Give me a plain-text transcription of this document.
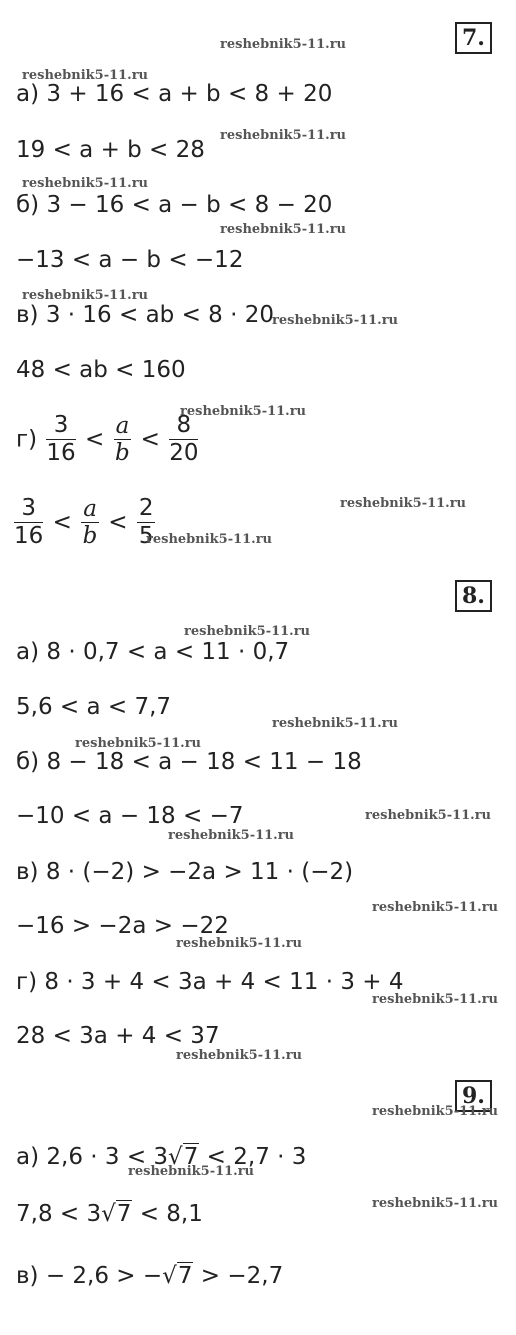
7.
8.
9.
а) 3 + 16 < a + b < 8 + 20
19 < a + b < 28
б) 3 − 16 < a − b < 8 − 20
−13 < a − b < −12
в) 3 · 16 < ab < 8 · 20
48 < ab < 160
$г) \frac{3}{16} < \frac{a}{b} < \frac{8}{20}$
$\frac{3}{16} < \frac{a}{b} < \frac{2}{5}$
а) 8 · 0,7 < a < 11 · 0,7
5,6 < a < 7,7
б) 8 − 18 < a − 18 < 11 − 18
−10 < a − 18 < −7
в) 8 · (−2) > −2a > 11 · (−2)
−16 > −2a > −22
г) 8 · 3 + 4 < 3a + 4 < 11 · 3 + 4
28 < 3a + 4 < 37
а) 2,6 · 3 < 3√7 < 2,7 · 3
7,8 < 3√7 < 8,1
в) − 2,6 > −√7 > −2,7
reshebnik5-11.ru
reshebnik5-11.ru
reshebnik5-11.ru
reshebnik5-11.ru
reshebnik5-11.ru
reshebnik5-11.ru
reshebnik5-11.ru
reshebnik5-11.ru
reshebnik5-11.ru
reshebnik5-11.ru
reshebnik5-11.ru
reshebnik5-11.ru
reshebnik5-11.ru
reshebnik5-11.ru
reshebnik5-11.ru
reshebnik5-11.ru
reshebnik5-11.ru
reshebnik5-11.ru
reshebnik5-11.ru
reshebnik5-11.ru
reshebnik5-11.ru
reshebnik5-11.ru
